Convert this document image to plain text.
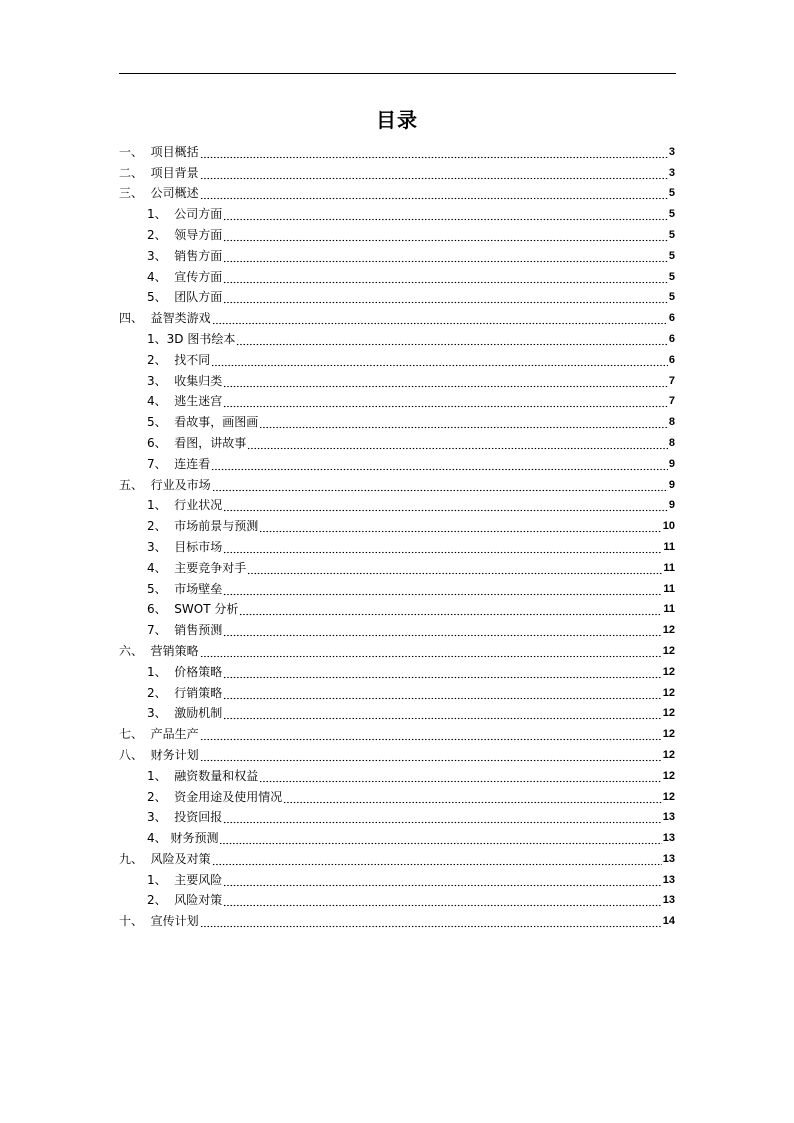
目录
一、 项目概括	3
二、 项目背景	3
三、 公司概述	5
1、 公司方面	5
2、 领导方面	5
3、 销售方面	5
4、 宣传方面	5
5、 团队方面	5
四、 益智类游戏	6
1、 3D 图书绘本	6
2、 找不同	6
3、 收集归类	7
4、 逃生迷宫	7
5、 看故事，画图画	8
6、 看图，讲故事	8
7、 连连看	9
五、 行业及市场	9
1、 行业状况	9
2、 市场前景与预测	10
3、 目标市场	11
4、 主要竞争对手	11
5、 市场壁垒	11
6、 SWOT 分析	11
7、 销售预测	12
六、 营销策略	12
1、 价格策略	12
2、 行销策略	12
3、 激励机制	12
七、 产品生产	12
八、 财务计划	12
1、 融资数量和权益	12
2、 资金用途及使用情况	12
3、 投资回报	13
4、 财务预测	13
九、 风险及对策	13
1、 主要风险	13
2、 风险对策	13
十、 宣传计划	14
